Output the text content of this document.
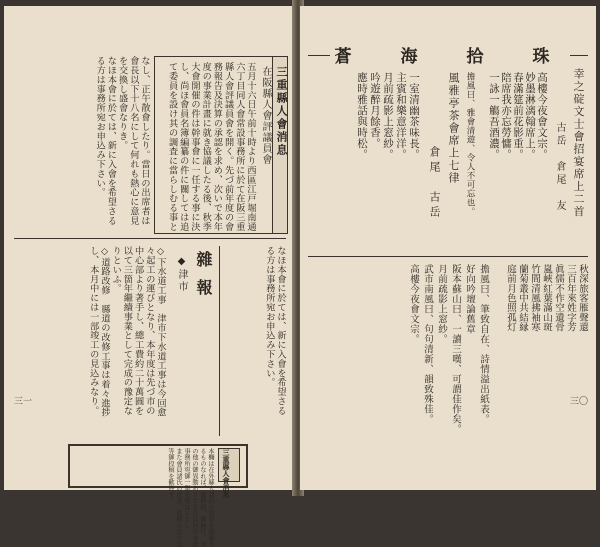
三重縣人會消息
在阪縣人會評議員會
五月十六日午前十時より西區江戸堀南通
六丁目同人會常設事務所に於て在阪三重
縣人會評議員會を開く。先づ前年度の會
務報告及決算の承認を求め、次いで本年
度の事業計畫に就き協議したる後、秋季
大會開催の件は幹事會に一任する事に決
し、尚ほ會員名簿編纂の件に關しては追
て委員を設け其の調査に當らしむる事と
なし、正午散會したり。當日の出席者は
會長以下十八名にして何れも熱心に意見
を交換し盛會なりき。
なほ本會に於ては、新に入會を希望さる
る方は事務所宛お申込み下さい。
雜報
◆津市
◇下水道工事　津市下水道工事は今回愈
々起工の運びとなり、本年度は先づ市の
中心部より著手し、總工費約二十萬圓を
以て三箇年繼續事業として完成の豫定な
りといふ。
◇道路改修　縣道の改修工事は着々進捗
し、本月中には一部竣工の見込みなり。	なほ本會に於ては、新に入會を希望さる
る方は事務所宛お申込み下さい。
三重縣人會消息
本欄は在外縣人諸氏の消息を掲載す
るものなれば、御轉居、御轉任、其
の他の御異動ありたる方は何卒本會
事務所宛御一報を煩はしたし。
また會員諸氏の近況、故郷の思ひ出
等御投稿を歡迎す。
三一
蒼　海　拾　珠
幸之碇文士會招宴席上二首
古岳　倉尾　友
高樓今夜會文宗。
妙墨淋漓翰席上。
春滿筵前花影重。
陪席我亦忘勞慵。
一詠一觴吾酒濃。
擔風曰、雅會清遊、令人不可忘也。
風雅亭茶會席上七律
倉尾　古岳
一室清幽茶味長。
主賓和樂意洋洋。
月前疏影上窓紗。
吟遊醉月餘香。
應時雅話與時松。
秋深旅客雁聲還
三百年來姓字芳
眞儒不作空遺骨
嵐峽紅葉滿山斑
竹間清風拂袖寒
蘭菊叢中共結縁
庭前月色照孤灯
擔風曰、筆致自在、詩情溢出紙表。
好向吟壇論舊章
阪本蘇山曰、一讀三嘆、可謂佳作矣。
月前疏影上窓紗。
武市南風曰、句句清新、韻致殊佳。
高樓今夜會文宗。
三〇
